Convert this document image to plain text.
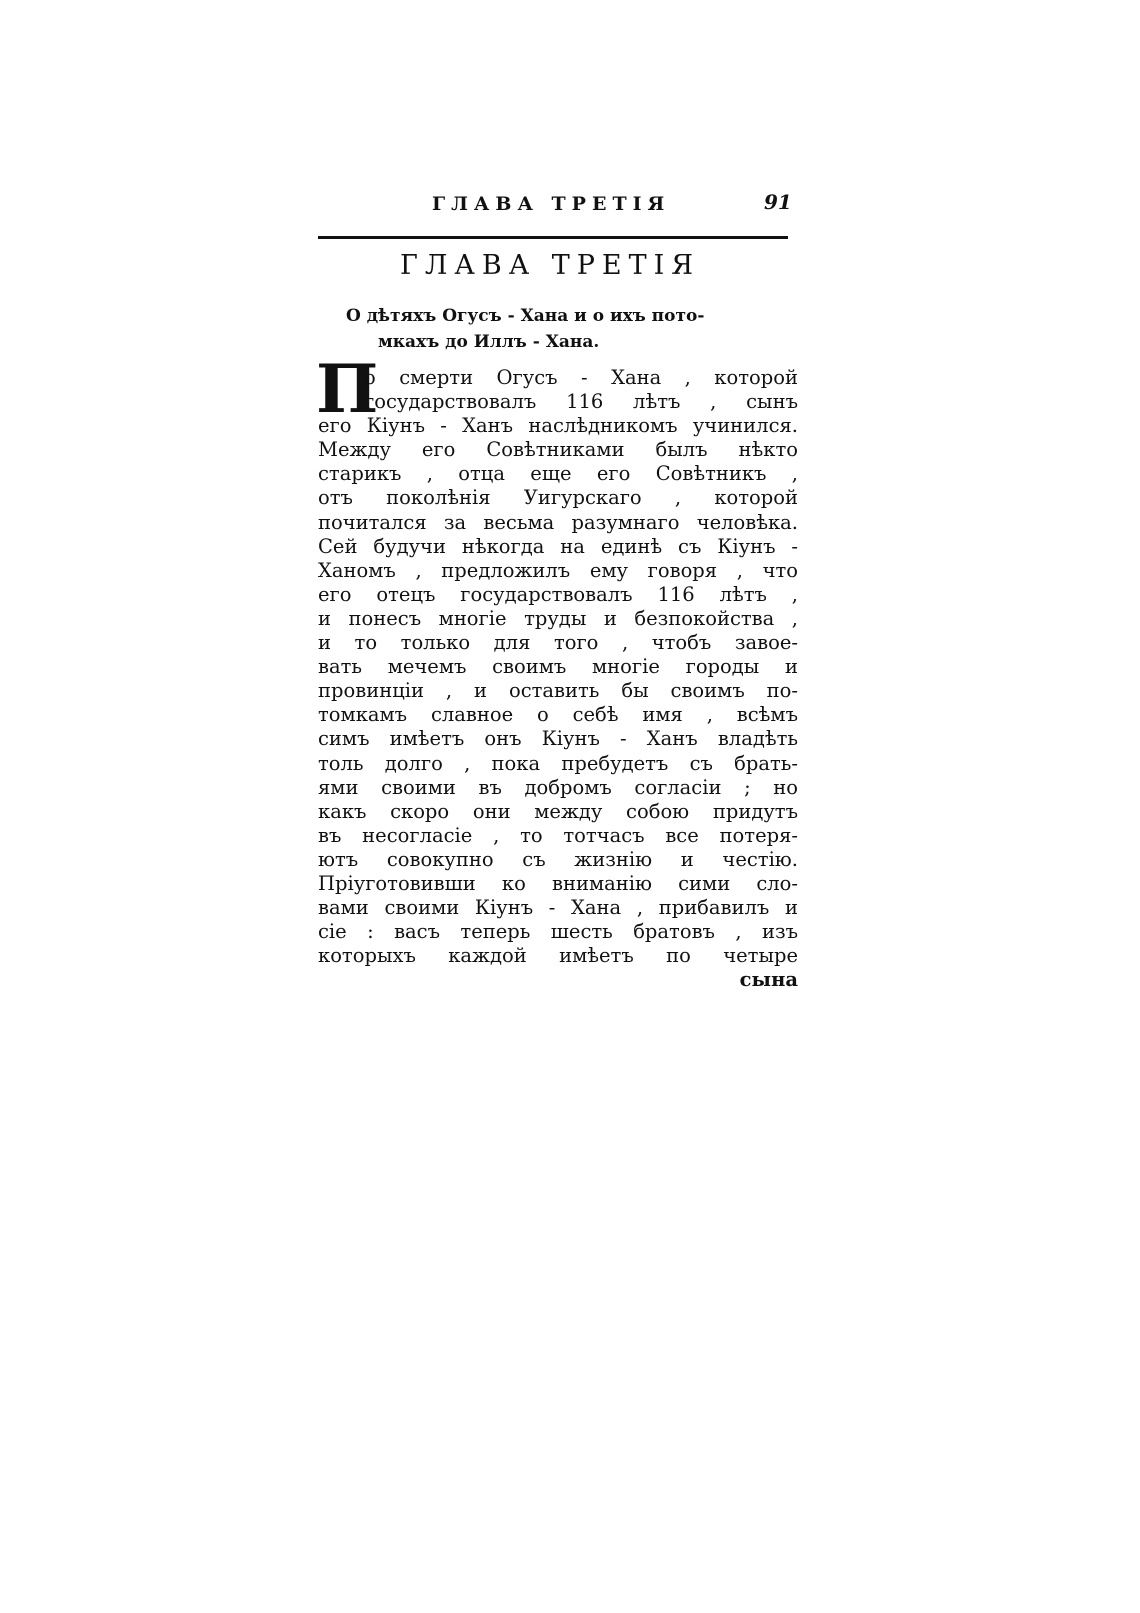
ГЛАВА ТРЕТIЯ	91
ГЛАВА ТРЕТIЯ
О дѣтяхъ Огусъ - Хана и о ихъ пото-
мкахъ до Иллъ - Хана.
П
о смерти Огусъ - Хана , которой
государствовалъ 116 лѣтъ , сынъ
его Кiунъ - Ханъ наслѣдникомъ учинился.
Между его Совѣтниками былъ нѣкто
старикъ , отца еще его Совѣтникъ ,
отъ поколѣнiя Уигурскаго , которой
почитался за весьма разумнаго человѣка.
Сей будучи нѣкогда на единѣ съ Кiунъ -
Ханомъ , предложилъ ему говоря , что
его отецъ государствовалъ 116 лѣтъ ,
и понесъ многiе труды и безпокойства ,
и то только для того , чтобъ завое-
вать мечемъ своимъ многiе городы и
провинцiи , и оставить бы своимъ по-
томкамъ славное о себѣ имя , всѣмъ
симъ имѣетъ онъ Кiунъ - Ханъ владѣть
толь долго , пока пребудетъ съ брать-
ями своими въ добромъ согласiи ; но
какъ скоро они между собою придутъ
въ несогласiе , то тотчасъ все потеря-
ютъ совокупно съ жизнiю и честiю.
Прiуготовивши ко вниманiю сими сло-
вами своими Кiунъ - Хана , прибавилъ и
сiе : васъ теперь шесть братовъ , изъ
которыхъ каждой имѣетъ по четыре
сына
